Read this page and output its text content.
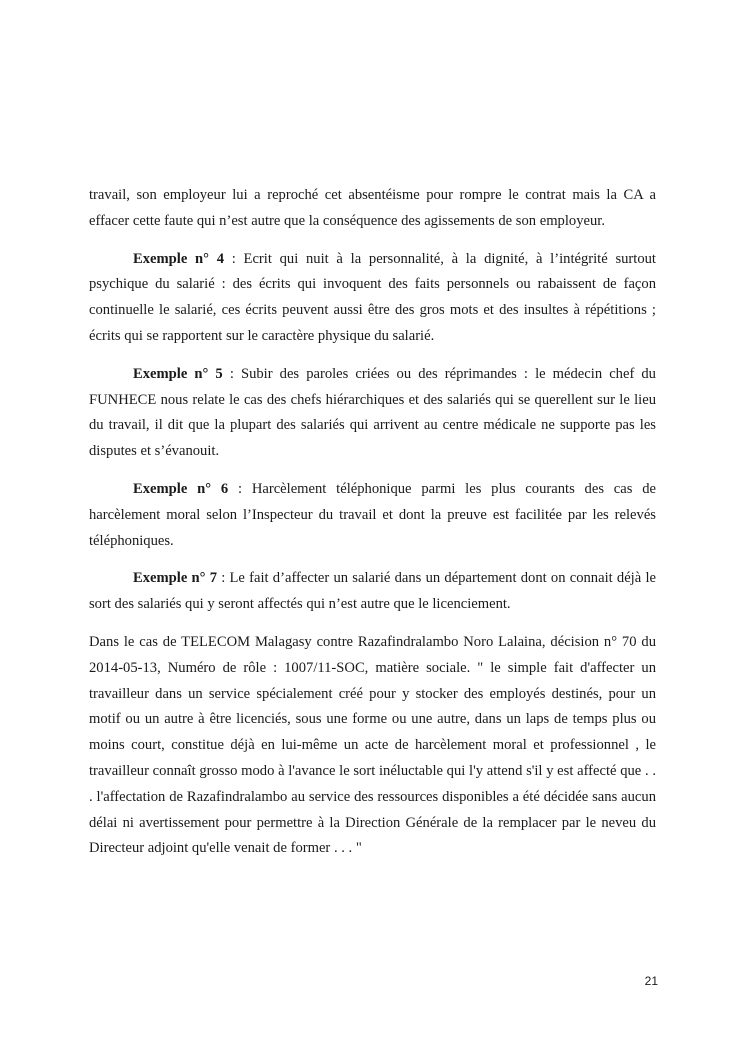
travail, son employeur lui a reproché cet absentéisme pour rompre le contrat mais la CA a effacer cette faute qui n’est autre que la conséquence des agissements de son employeur.

Exemple n° 4 : Ecrit qui nuit à la personnalité, à la dignité, à l’intégrité surtout psychique du salarié : des écrits qui invoquent des faits personnels ou rabaissent de façon continuelle le salarié, ces écrits peuvent aussi être des gros mots et des insultes à répétitions ; écrits qui se rapportent sur le caractère physique du salarié.

Exemple n° 5 : Subir des paroles criées ou des réprimandes : le médecin chef du FUNHECE nous relate le cas des chefs hiérarchiques et des salariés qui se querellent sur le lieu du travail, il dit que la plupart des salariés qui arrivent au centre médicale ne supporte pas les disputes et s’évanouit.

Exemple n° 6 : Harcèlement téléphonique parmi les plus courants des cas de harcèlement moral selon l’Inspecteur du travail et dont la preuve est facilitée par les relevés téléphoniques.

Exemple n° 7 : Le fait d’affecter un salarié dans un département dont on connait déjà le sort des salariés qui y seront affectés qui n’est autre que le licenciement.

Dans le cas de TELECOM Malagasy contre Razafindralambo Noro Lalaina, décision n° 70 du 2014-05-13, Numéro de rôle : 1007/11-SOC, matière sociale. " le simple fait d'affecter un travailleur dans un service spécialement créé pour y stocker des employés destinés, pour un motif ou un autre à être licenciés, sous une forme ou une autre, dans un laps de temps plus ou moins court, constitue déjà en lui-même un acte de harcèlement moral et professionnel , le travailleur connaît grosso modo à l'avance le sort inéluctable qui l'y attend s'il y est affecté que . . . l'affectation de Razafindralambo au service des ressources disponibles a été décidée sans aucun délai ni avertissement pour permettre à la Direction Générale de la remplacer par le neveu du Directeur adjoint qu'elle venait de former . . . "

21
